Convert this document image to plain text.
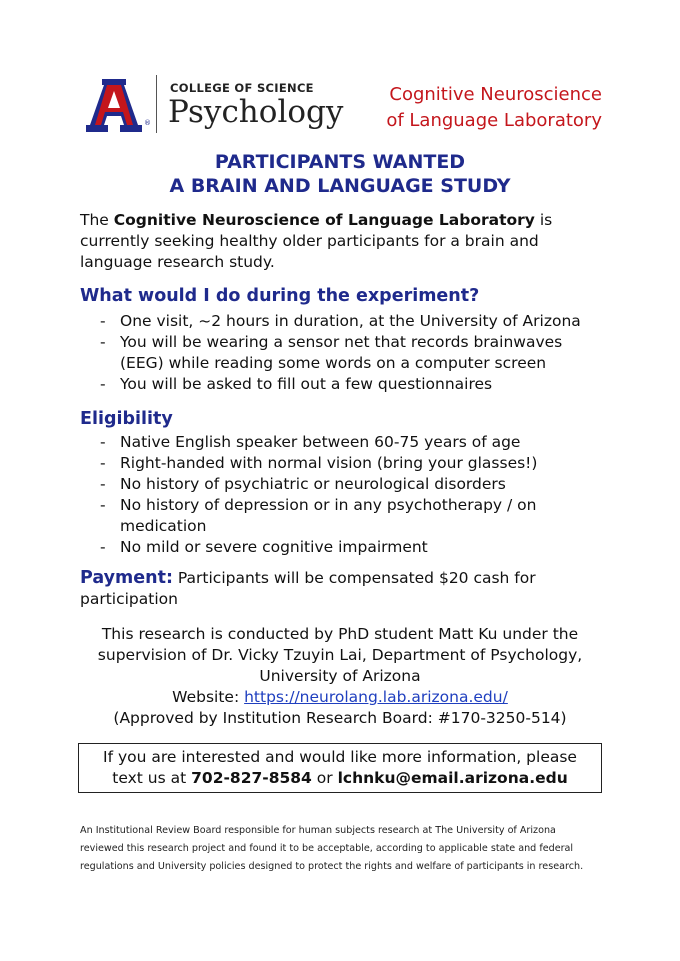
®
COLLEGE OF SCIENCE
Psychology	Cognitive Neuroscience
of Language Laboratory
PARTICIPANTS WANTED
A BRAIN AND LANGUAGE STUDY
The Cognitive Neuroscience of Language Laboratory is currently seeking healthy older participants for a brain and language research study.
What would I do during the experiment?
- One visit, ~2 hours in duration, at the University of Arizona
- You will be wearing a sensor net that records brainwaves (EEG) while reading some words on a computer screen
- You will be asked to fill out a few questionnaires
Eligibility
- Native English speaker between 60-75 years of age
- Right-handed with normal vision (bring your glasses!)
- No history of psychiatric or neurological disorders
- No history of depression or in any psychotherapy / on medication
- No mild or severe cognitive impairment
Payment: Participants will be compensated $20 cash for participation
This research is conducted by PhD student Matt Ku under the
supervision of Dr. Vicky Tzuyin Lai, Department of Psychology,
University of Arizona
Website: https://neurolang.lab.arizona.edu/
(Approved by Institution Research Board: #170-3250-514)
If you are interested and would like more information, please
text us at 702-827-8584 or lchnku@email.arizona.edu
An Institutional Review Board responsible for human subjects research at The University of Arizona
reviewed this research project and found it to be acceptable, according to applicable state and federal
regulations and University policies designed to protect the rights and welfare of participants in research.
